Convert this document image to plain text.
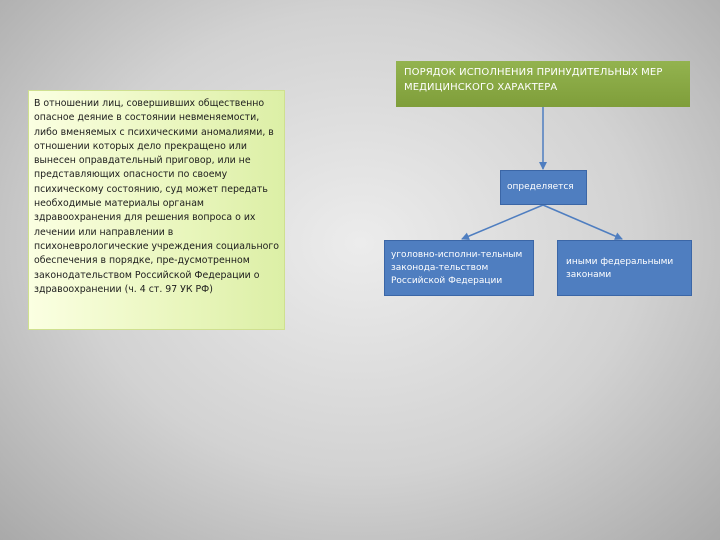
В отношении лиц, совершивших общественно опасное деяние в состоянии невменяемости, либо вменяемых с психическими аномалиями, в отношении которых дело прекращено или вынесен оправдательный приговор, или не представляющих опасности по своему психическому состоянию, суд может передать необходимые материалы органам здравоохранения для решения вопроса о их лечении или направлении в психоневрологические учреждения социального обеспечения в порядке, пре-дусмотренном законодательством Российской Федерации о здравоохранении (ч. 4 ст. 97 УК РФ)
ПОРЯДОК ИСПОЛНЕНИЯ ПРИНУДИТЕЛЬНЫХ МЕР МЕДИЦИНСКОГО ХАРАКТЕРА
определяется
уголовно-исполни-тельным законода-тельством Российской Федерации
иными федеральными законами
